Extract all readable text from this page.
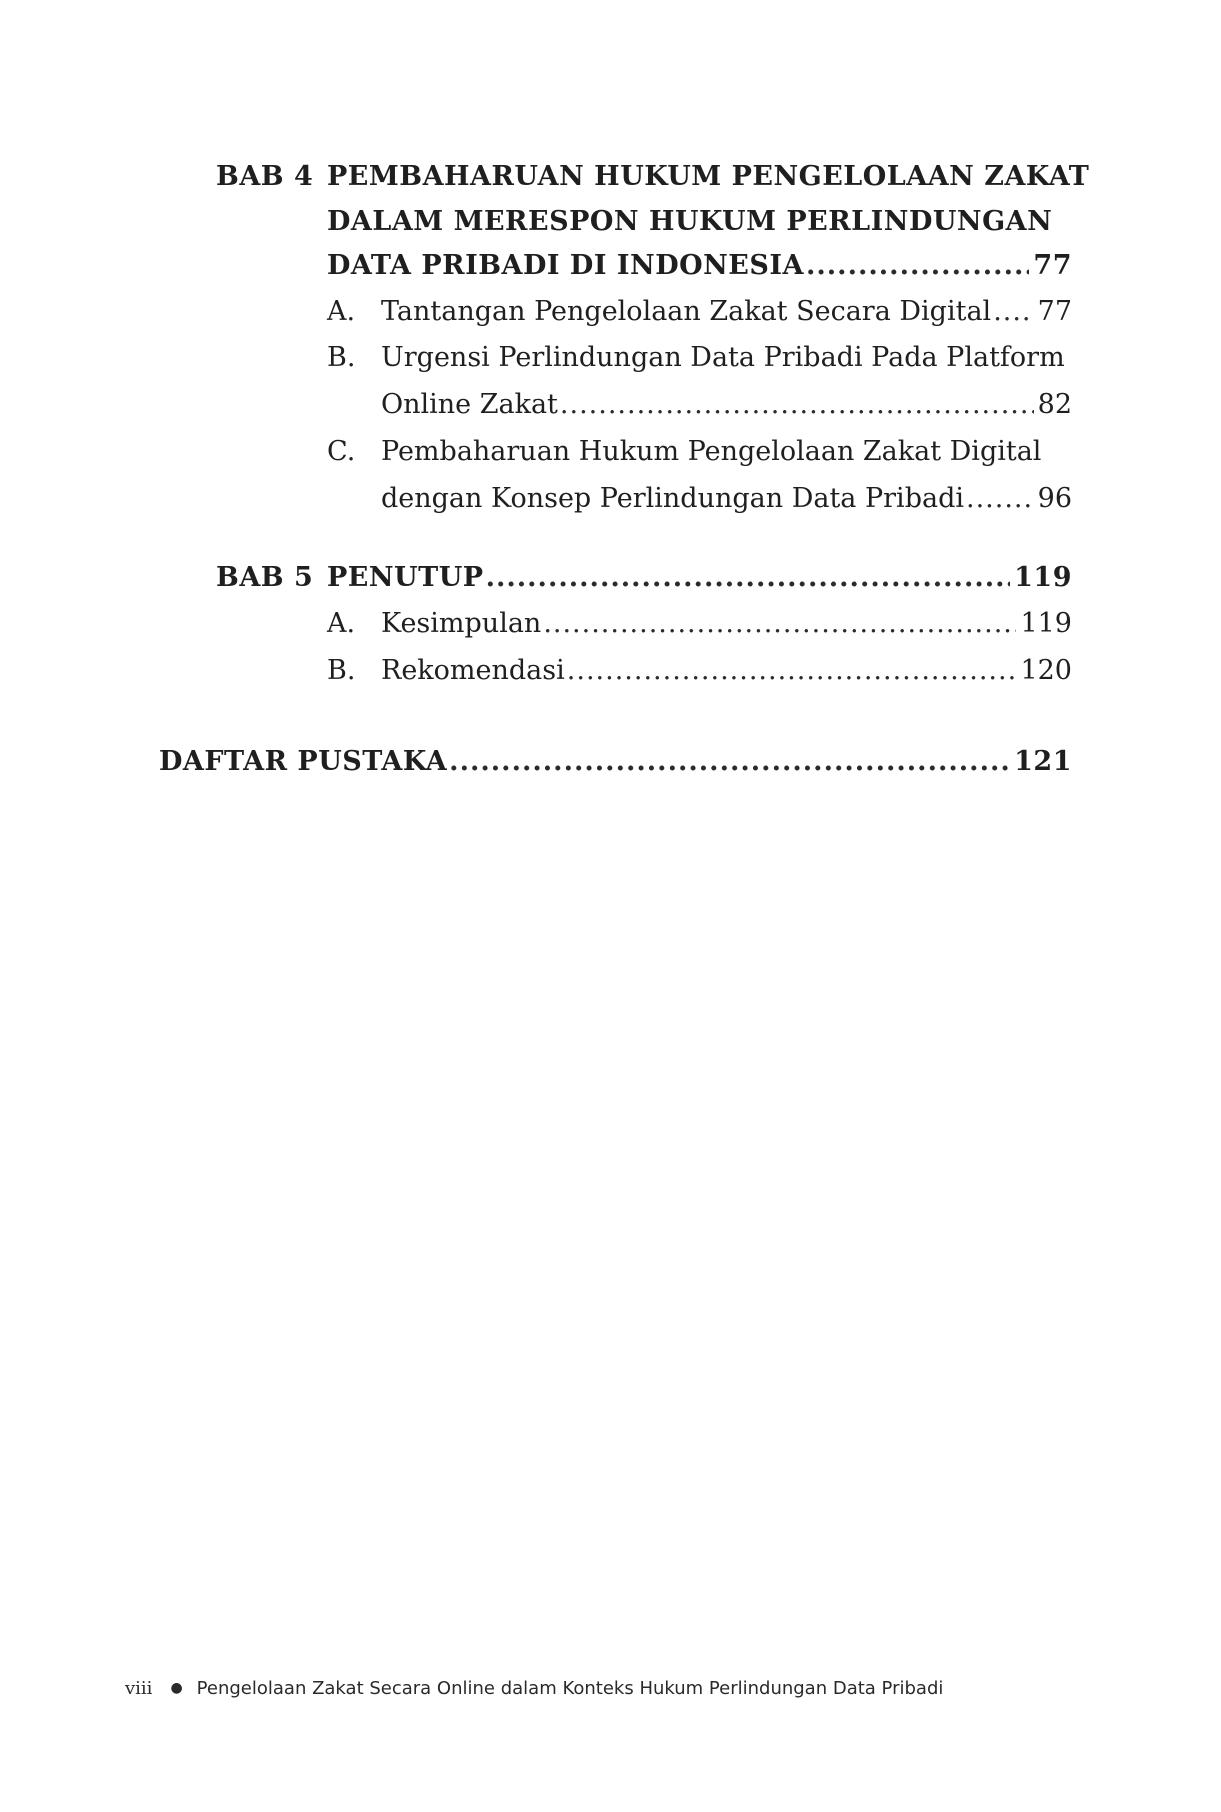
BAB 4 PEMBAHARUAN HUKUM PENGELOLAAN ZAKAT
DALAM MERESPON HUKUM PERLINDUNGAN
DATA PRIBADI DI INDONESIA .....	77
A. Tantangan Pengelolaan Zakat Secara Digital ..... 77
B. Urgensi Perlindungan Data Pribadi Pada Platform
Online Zakat .....	82
C. Pembaharuan Hukum Pengelolaan Zakat Digital
dengan Konsep Perlindungan Data Pribadi .....	96
BAB 5 PENUTUP .....	119
A. Kesimpulan .....	119
B. Rekomendasi .....	120
DAFTAR PUSTAKA .....	121
viii ● Pengelolaan Zakat Secara Online dalam Konteks Hukum Perlindungan Data Pribadi
